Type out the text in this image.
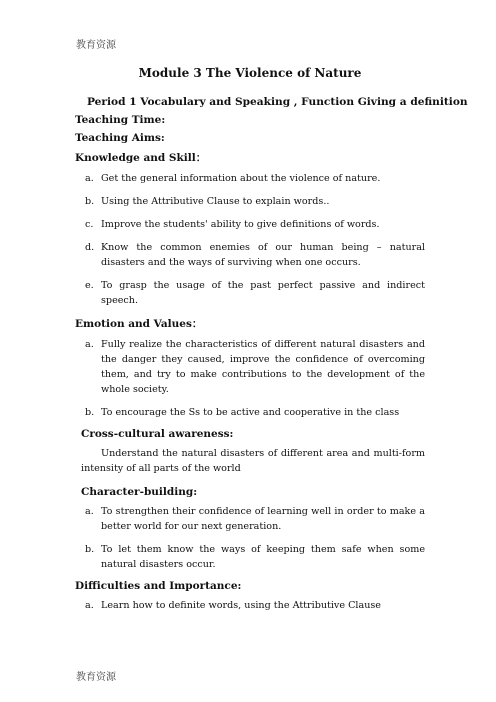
教育资源
Module 3 The Violence of Nature
Period 1 Vocabulary and Speaking , Function Giving a definition
Teaching Time:
Teaching Aims:
Knowledge and Skill：
a. Get the general information about the violence of nature.
b. Using the Attributive Clause to explain words..
c. Improve the students' ability to give definitions of words.
d. Know the common enemies of our human being – natural disasters and the ways of surviving when one occurs.
e. To grasp the usage of the past perfect passive and indirect speech.
Emotion and Values：
a. Fully realize the characteristics of different natural disasters and the danger they caused, improve the confidence of overcoming them, and try to make contributions to the development of the whole society.
b. To encourage the Ss to be active and cooperative in the class
Cross-cultural awareness:
Understand the natural disasters of different area and multi-form intensity of all parts of the world
Character-building:
a. To strengthen their confidence of learning well in order to make a better world for our next generation.
b. To let them know the ways of keeping them safe when some natural disasters occur.
Difficulties and Importance:
a. Learn how to definite words, using the Attributive Clause
教育资源
